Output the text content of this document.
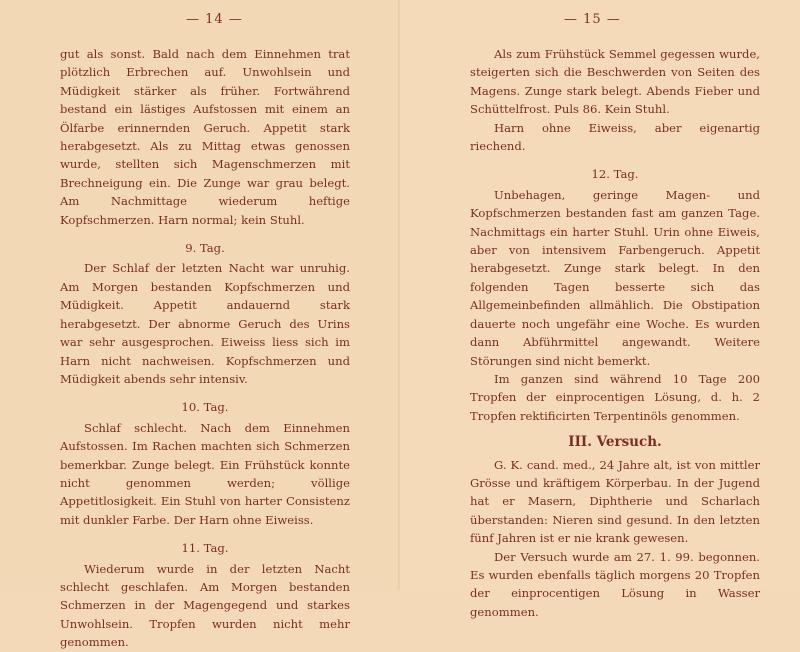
— 14 —

gut als sonst. Bald nach dem Einnehmen trat plötzlich Erbrechen auf. Unwohlsein und Müdigkeit stärker als früher. Fortwährend bestand ein lästiges Aufstossen mit einem an Ölfarbe erinnernden Geruch. Appetit stark herabgesetzt. Als zu Mittag etwas genossen wurde, stellten sich Magenschmerzen mit Brechneigung ein. Die Zunge war grau belegt. Am Nachmittage wiederum heftige Kopfschmerzen. Harn normal; kein Stuhl.

9. Tag.

Der Schlaf der letzten Nacht war unruhig. Am Morgen bestanden Kopfschmerzen und Müdigkeit. Appetit andauernd stark herabgesetzt. Der abnorme Geruch des Urins war sehr ausgesprochen. Eiweiss liess sich im Harn nicht nachweisen. Kopfschmerzen und Müdigkeit abends sehr intensiv.

10. Tag.

Schlaf schlecht. Nach dem Einnehmen Aufstossen. Im Rachen machten sich Schmerzen bemerkbar. Zunge belegt. Ein Frühstück konnte nicht genommen werden; völlige Appetitlosigkeit. Ein Stuhl von harter Consistenz mit dunkler Farbe. Der Harn ohne Eiweiss.

11. Tag.

Wiederum wurde in der letzten Nacht schlecht geschlafen. Am Morgen bestanden Schmerzen in der Magengegend und starkes Unwohlsein. Tropfen wurden nicht mehr genommen.

— 15 —

Als zum Frühstück Semmel gegessen wurde, steigerten sich die Beschwerden von Seiten des Magens. Zunge stark belegt. Abends Fieber und Schüttelfrost. Puls 86. Kein Stuhl.

Harn ohne Eiweiss, aber eigenartig riechend.

12. Tag.

Unbehagen, geringe Magen- und Kopfschmerzen bestanden fast am ganzen Tage. Nachmittags ein harter Stuhl. Urin ohne Eiweis, aber von intensivem Farbengeruch. Appetit herabgesetzt. Zunge stark belegt. In den folgenden Tagen besserte sich das Allgemeinbefinden allmählich. Die Obstipation dauerte noch ungefähr eine Woche. Es wurden dann Abführmittel angewandt. Weitere Störungen sind nicht bemerkt.

Im ganzen sind während 10 Tage 200 Tropfen der einprocentigen Lösung, d. h. 2 Tropfen rektificirten Terpentinöls genommen.

III. Versuch.

G. K. cand. med., 24 Jahre alt, ist von mittler Grösse und kräftigem Körperbau. In der Jugend hat er Masern, Diphtherie und Scharlach überstanden: Nieren sind gesund. In den letzten fünf Jahren ist er nie krank gewesen.

Der Versuch wurde am 27. 1. 99. begonnen. Es wurden ebenfalls täglich morgens 20 Tropfen der einprocentigen Lösung in Wasser genommen.
